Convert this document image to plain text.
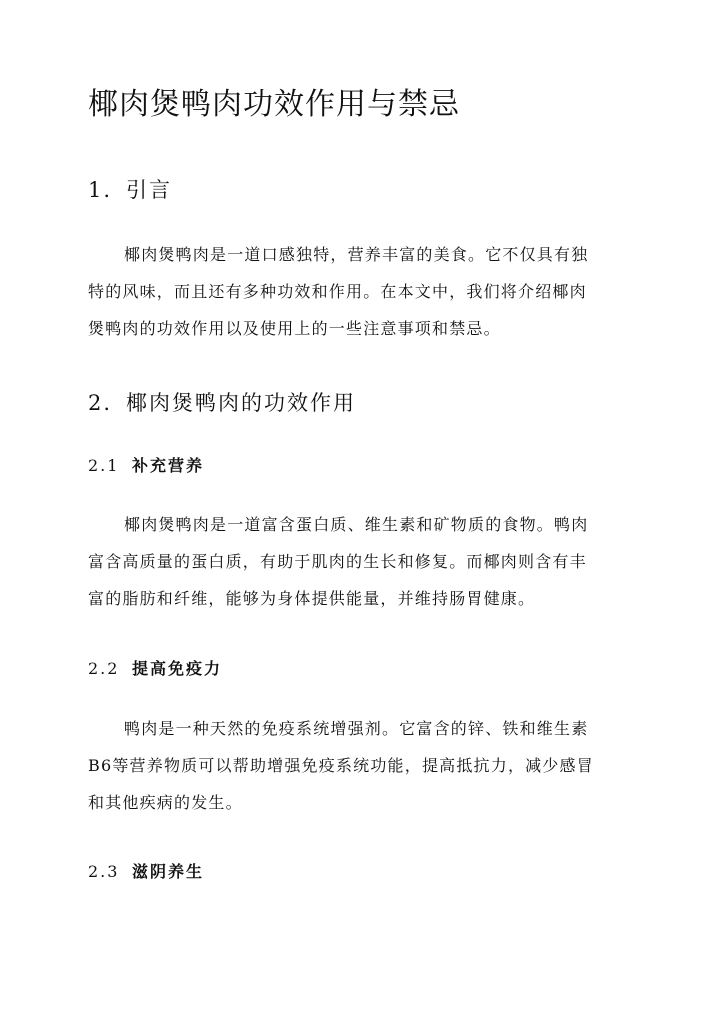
椰肉煲鸭肉功效作用与禁忌
1. 引言
椰肉煲鸭肉是一道口感独特，营养丰富的美食。它不仅具有独
特的风味，而且还有多种功效和作用。在本文中，我们将介绍椰肉
煲鸭肉的功效作用以及使用上的一些注意事项和禁忌。
2. 椰肉煲鸭肉的功效作用
2.1 补充营养
椰肉煲鸭肉是一道富含蛋白质、维生素和矿物质的食物。鸭肉
富含高质量的蛋白质，有助于肌肉的生长和修复。而椰肉则含有丰
富的脂肪和纤维，能够为身体提供能量，并维持肠胃健康。
2.2 提高免疫力
鸭肉是一种天然的免疫系统增强剂。它富含的锌、铁和维生素
B6等营养物质可以帮助增强免疫系统功能，提高抵抗力，减少感冒
和其他疾病的发生。
2.3 滋阴养生
